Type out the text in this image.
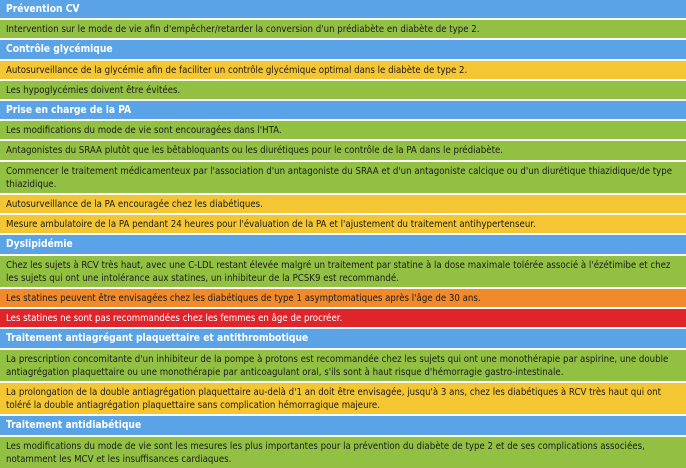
Prévention CV
Intervention sur le mode de vie afin d'empêcher/retarder la conversion d'un prédiabète en diabète de type 2.
Contrôle glycémique
Autosurveillance de la glycémie afin de faciliter un contrôle glycémique optimal dans le diabète de type 2.
Les hypoglycémies doivent être évitées.
Prise en charge de la PA
Les modifications du mode de vie sont encouragées dans l'HTA.
Antagonistes du SRAA plutôt que les bêtabloquants ou les diurétiques pour le contrôle de la PA dans le prédiabète.
Commencer le traitement médicamenteux par l'association d'un antagoniste du SRAA et d'un antagoniste calcique ou d'un diurétique thiazidique/de type thiazidique.
Autosurveillance de la PA encouragée chez les diabétiques.
Mesure ambulatoire de la PA pendant 24 heures pour l'évaluation de la PA et l'ajustement du traitement antihypertenseur.
Dyslipidémie
Chez les sujets à RCV très haut, avec une C-LDL restant élevée malgré un traitement par statine à la dose maximale tolérée associé à l'ézétimibe et chez les sujets qui ont une intolérance aux statines, un inhibiteur de la PCSK9 est recommandé.
Les statines peuvent être envisagées chez les diabétiques de type 1 asymptomatiques après l'âge de 30 ans.
Les statines ne sont pas recommandées chez les femmes en âge de procréer.
Traitement antiagrégant plaquettaire et antithrombotique
La prescription concomitante d'un inhibiteur de la pompe à protons est recommandée chez les sujets qui ont une monothérapie par aspirine, une double antiagrégation plaquettaire ou une monothérapie par anticoagulant oral, s'ils sont à haut risque d'hémorragie gastro-intestinale.
La prolongation de la double antiagrégation plaquettaire au-delà d'1 an doit être envisagée, jusqu'à 3 ans, chez les diabétiques à RCV très haut qui ont toléré la double antiagrégation plaquettaire sans complication hémorragique majeure.
Traitement antidiabétique
Les modifications du mode de vie sont les mesures les plus importantes pour la prévention du diabète de type 2 et de ses complications associées, notamment les MCV et les insuffisances cardiaques.
